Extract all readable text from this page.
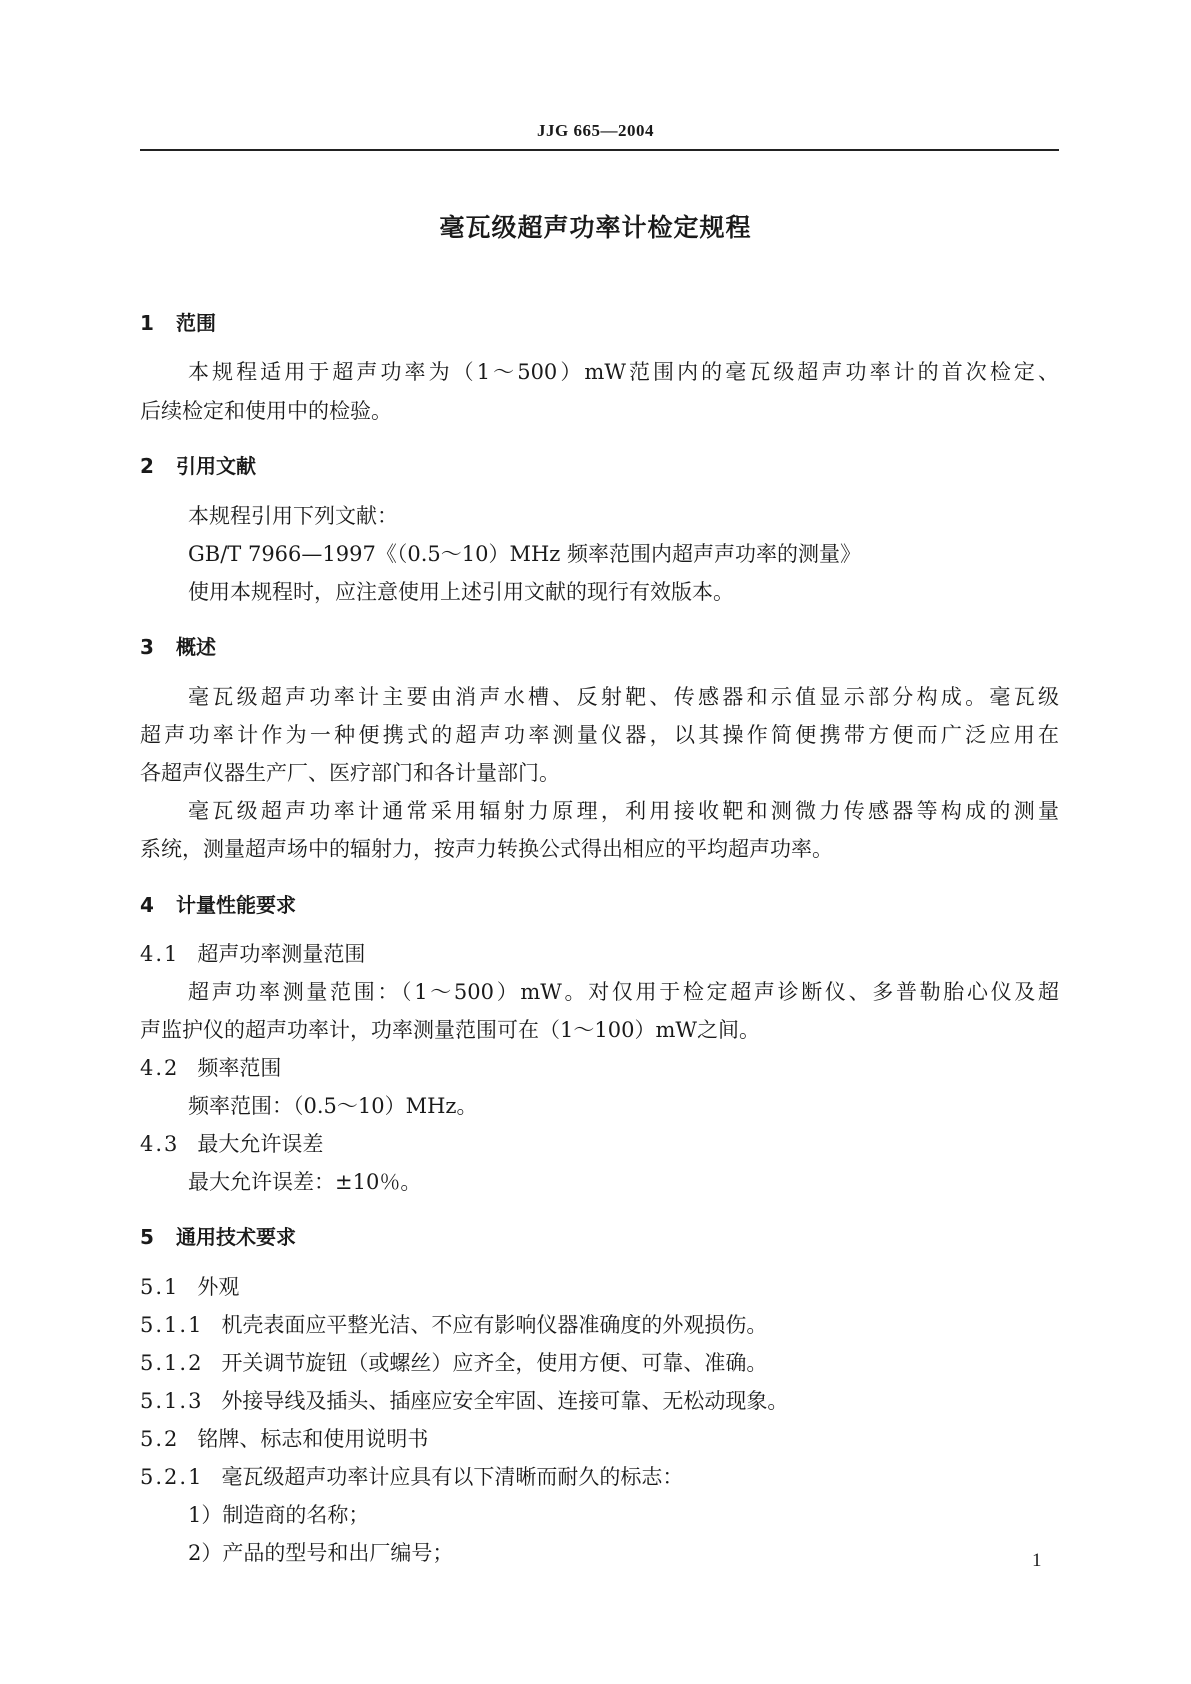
JJG 665—2004
毫瓦级超声功率计检定规程
1 范围
本规程适用于超声功率为（1～500）mW范围内的毫瓦级超声功率计的首次检定、
后续检定和使用中的检验。
2 引用文献
本规程引用下列文献：
GB/T 7966—1997《（0.5～10）MHz 频率范围内超声声功率的测量》
使用本规程时，应注意使用上述引用文献的现行有效版本。
3 概述
毫瓦级超声功率计主要由消声水槽、反射靶、传感器和示值显示部分构成。毫瓦级
超声功率计作为一种便携式的超声功率测量仪器，以其操作简便携带方便而广泛应用在
各超声仪器生产厂、医疗部门和各计量部门。
毫瓦级超声功率计通常采用辐射力原理，利用接收靶和测微力传感器等构成的测量
系统，测量超声场中的辐射力，按声力转换公式得出相应的平均超声功率。
4 计量性能要求
4.1 超声功率测量范围
超声功率测量范围：（1～500）mW。对仅用于检定超声诊断仪、多普勒胎心仪及超
声监护仪的超声功率计，功率测量范围可在（1～100）mW之间。
4.2 频率范围
频率范围：（0.5～10）MHz。
4.3 最大允许误差
最大允许误差：±10％。
5 通用技术要求
5.1 外观
5.1.1 机壳表面应平整光洁、不应有影响仪器准确度的外观损伤。
5.1.2 开关调节旋钮（或螺丝）应齐全，使用方便、可靠、准确。
5.1.3 外接导线及插头、插座应安全牢固、连接可靠、无松动现象。
5.2 铭牌、标志和使用说明书
5.2.1 毫瓦级超声功率计应具有以下清晰而耐久的标志：
1）制造商的名称；
2）产品的型号和出厂编号；	1
